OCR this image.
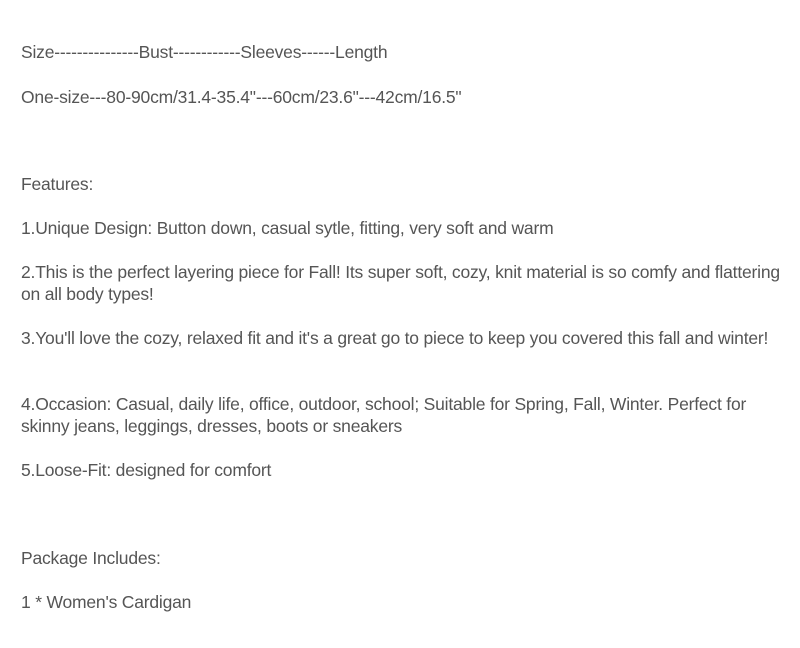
Size---------------Bust------------Sleeves------Length
One-size---80-90cm/31.4-35.4"---60cm/23.6"---42cm/16.5"
Features:
1.Unique Design: Button down, casual sytle, fitting, very soft and warm
2.This is the perfect layering piece for Fall! Its super soft, cozy, knit material is so comfy and flattering on all body types!
3.You'll love the cozy, relaxed fit and it's a great go to piece to keep you covered this fall and winter!
4.Occasion: Casual, daily life, office, outdoor, school; Suitable for Spring, Fall, Winter. Perfect for skinny jeans, leggings, dresses, boots or sneakers
5.Loose-Fit: designed for comfort
Package Includes:
1 * Women's Cardigan
